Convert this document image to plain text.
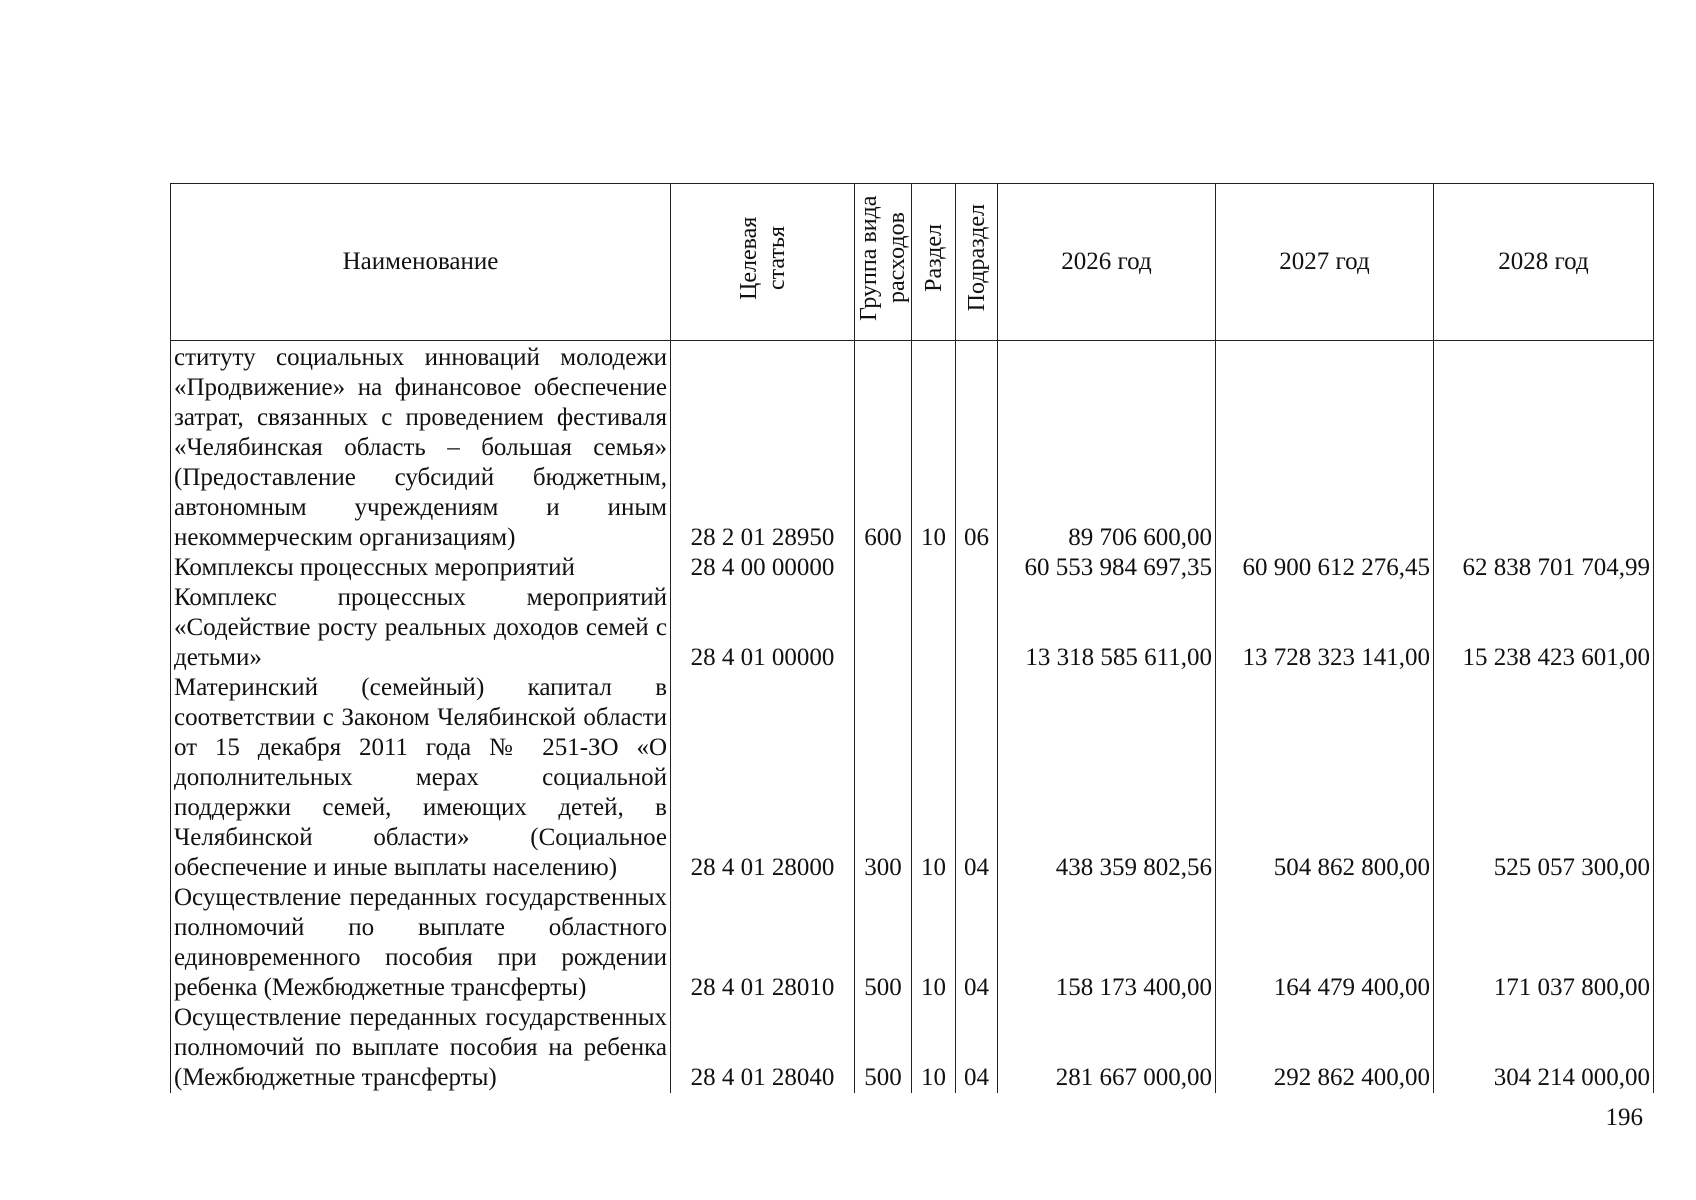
Наименование	Целевая статья	Группа вида расходов	Раздел	Подраздел	2026 год	2027 год	2028 год
ституту социальных инноваций молодежи «Продвижение» на финансовое обеспечение затрат, связанных с проведением фестиваля «Челябинская область – большая семья» (Предоставление субсидий бюджетным, автономным учреждениям и иным некоммерческим организациям)	28 2 01 28950	600	10	06	89 706 600,00		
Комплексы процессных мероприятий	28 4 00 00000				60 553 984 697,35	60 900 612 276,45	62 838 701 704,99
Комплекс процессных мероприятий «Содействие росту реальных доходов семей с детьми»	28 4 01 00000				13 318 585 611,00	13 728 323 141,00	15 238 423 601,00
Материнский (семейный) капитал в соответствии с Законом Челябинской области от 15 декабря 2011 года № 251-ЗО «О дополнительных мерах социальной поддержки семей, имеющих детей, в Челябинской области» (Социальное обеспечение и иные выплаты населению)	28 4 01 28000	300	10	04	438 359 802,56	504 862 800,00	525 057 300,00
Осуществление переданных государственных полномочий по выплате областного единовременного пособия при рождении ребенка (Межбюджетные трансферты)	28 4 01 28010	500	10	04	158 173 400,00	164 479 400,00	171 037 800,00
Осуществление переданных государственных полномочий по выплате пособия на ребенка (Межбюджетные трансферты)	28 4 01 28040	500	10	04	281 667 000,00	292 862 400,00	304 214 000,00
196
